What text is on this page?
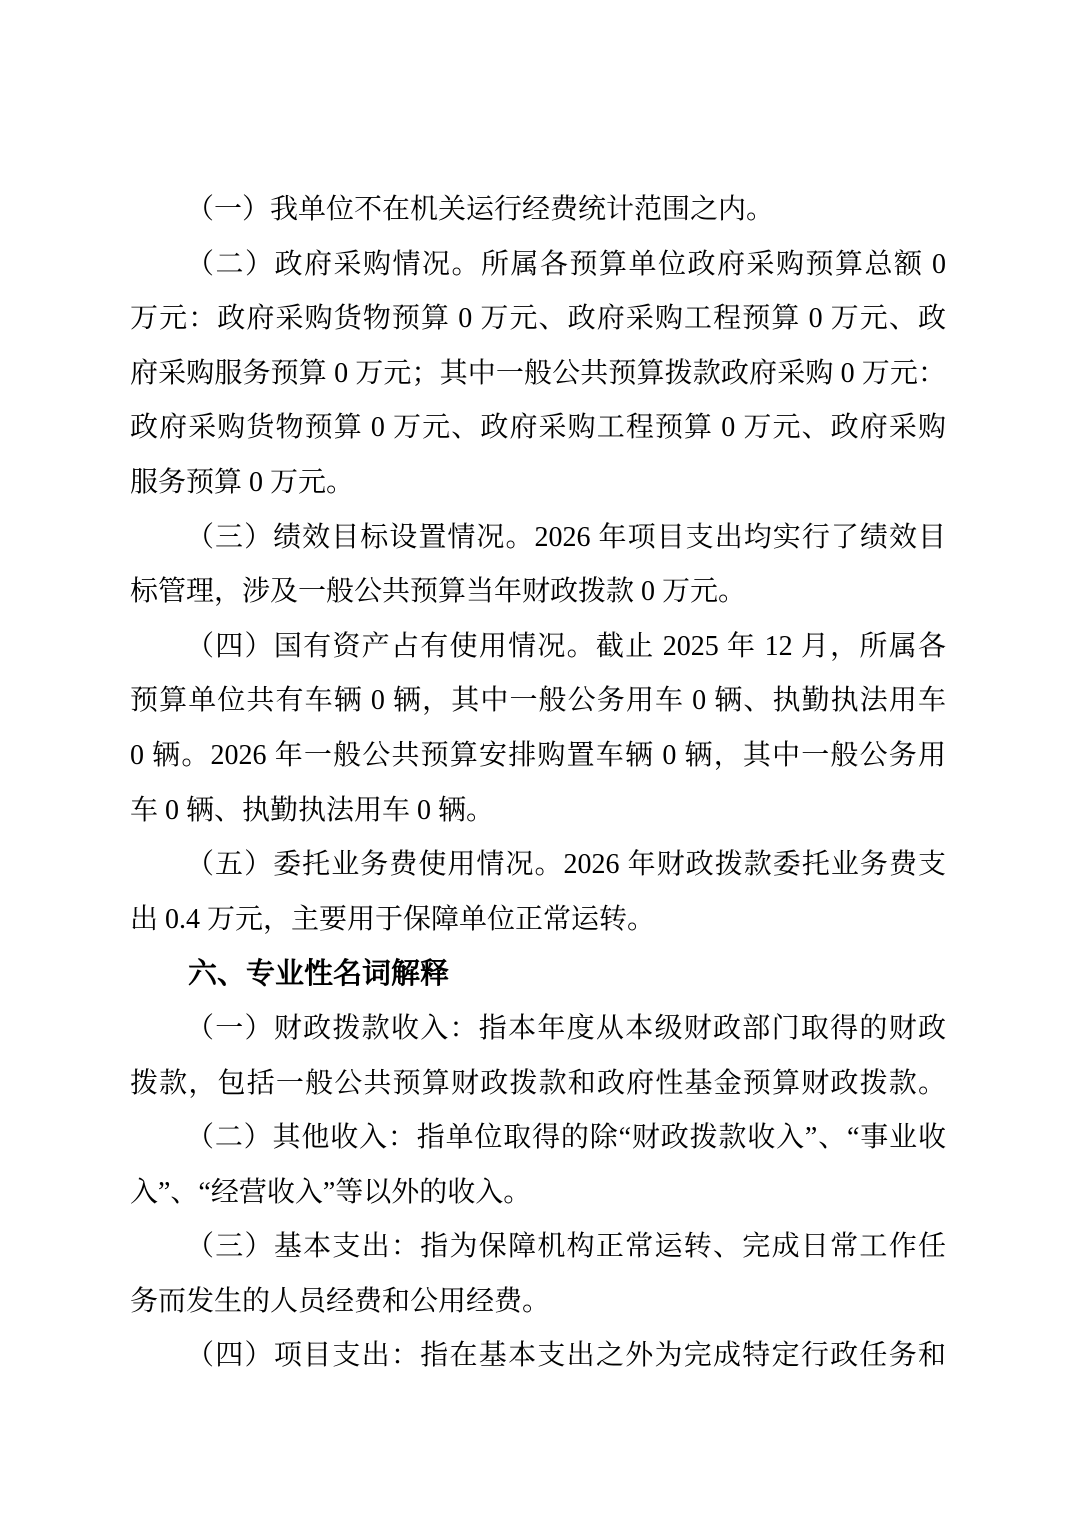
（一）我单位不在机关运行经费统计范围之内。
（二）政府采购情况。所属各预算单位政府采购预算总额 0
万元：政府采购货物预算 0 万元、政府采购工程预算 0 万元、政
府采购服务预算 0 万元；其中一般公共预算拨款政府采购 0 万元：
政府采购货物预算 0 万元、政府采购工程预算 0 万元、政府采购
服务预算 0 万元。
（三）绩效目标设置情况。2026 年项目支出均实行了绩效目
标管理，涉及一般公共预算当年财政拨款 0 万元。
（四）国有资产占有使用情况。截止 2025 年 12 月，所属各
预算单位共有车辆 0 辆，其中一般公务用车 0 辆、执勤执法用车
0 辆。2026 年一般公共预算安排购置车辆 0 辆，其中一般公务用
车 0 辆、执勤执法用车 0 辆。
（五）委托业务费使用情况。2026 年财政拨款委托业务费支
出 0.4 万元，主要用于保障单位正常运转。
六、专业性名词解释
（一）财政拨款收入：指本年度从本级财政部门取得的财政
拨款，包括一般公共预算财政拨款和政府性基金预算财政拨款。
（二）其他收入：指单位取得的除“财政拨款收入”、“事业收
入”、“经营收入”等以外的收入。
（三）基本支出：指为保障机构正常运转、完成日常工作任
务而发生的人员经费和公用经费。
（四）项目支出：指在基本支出之外为完成特定行政任务和
